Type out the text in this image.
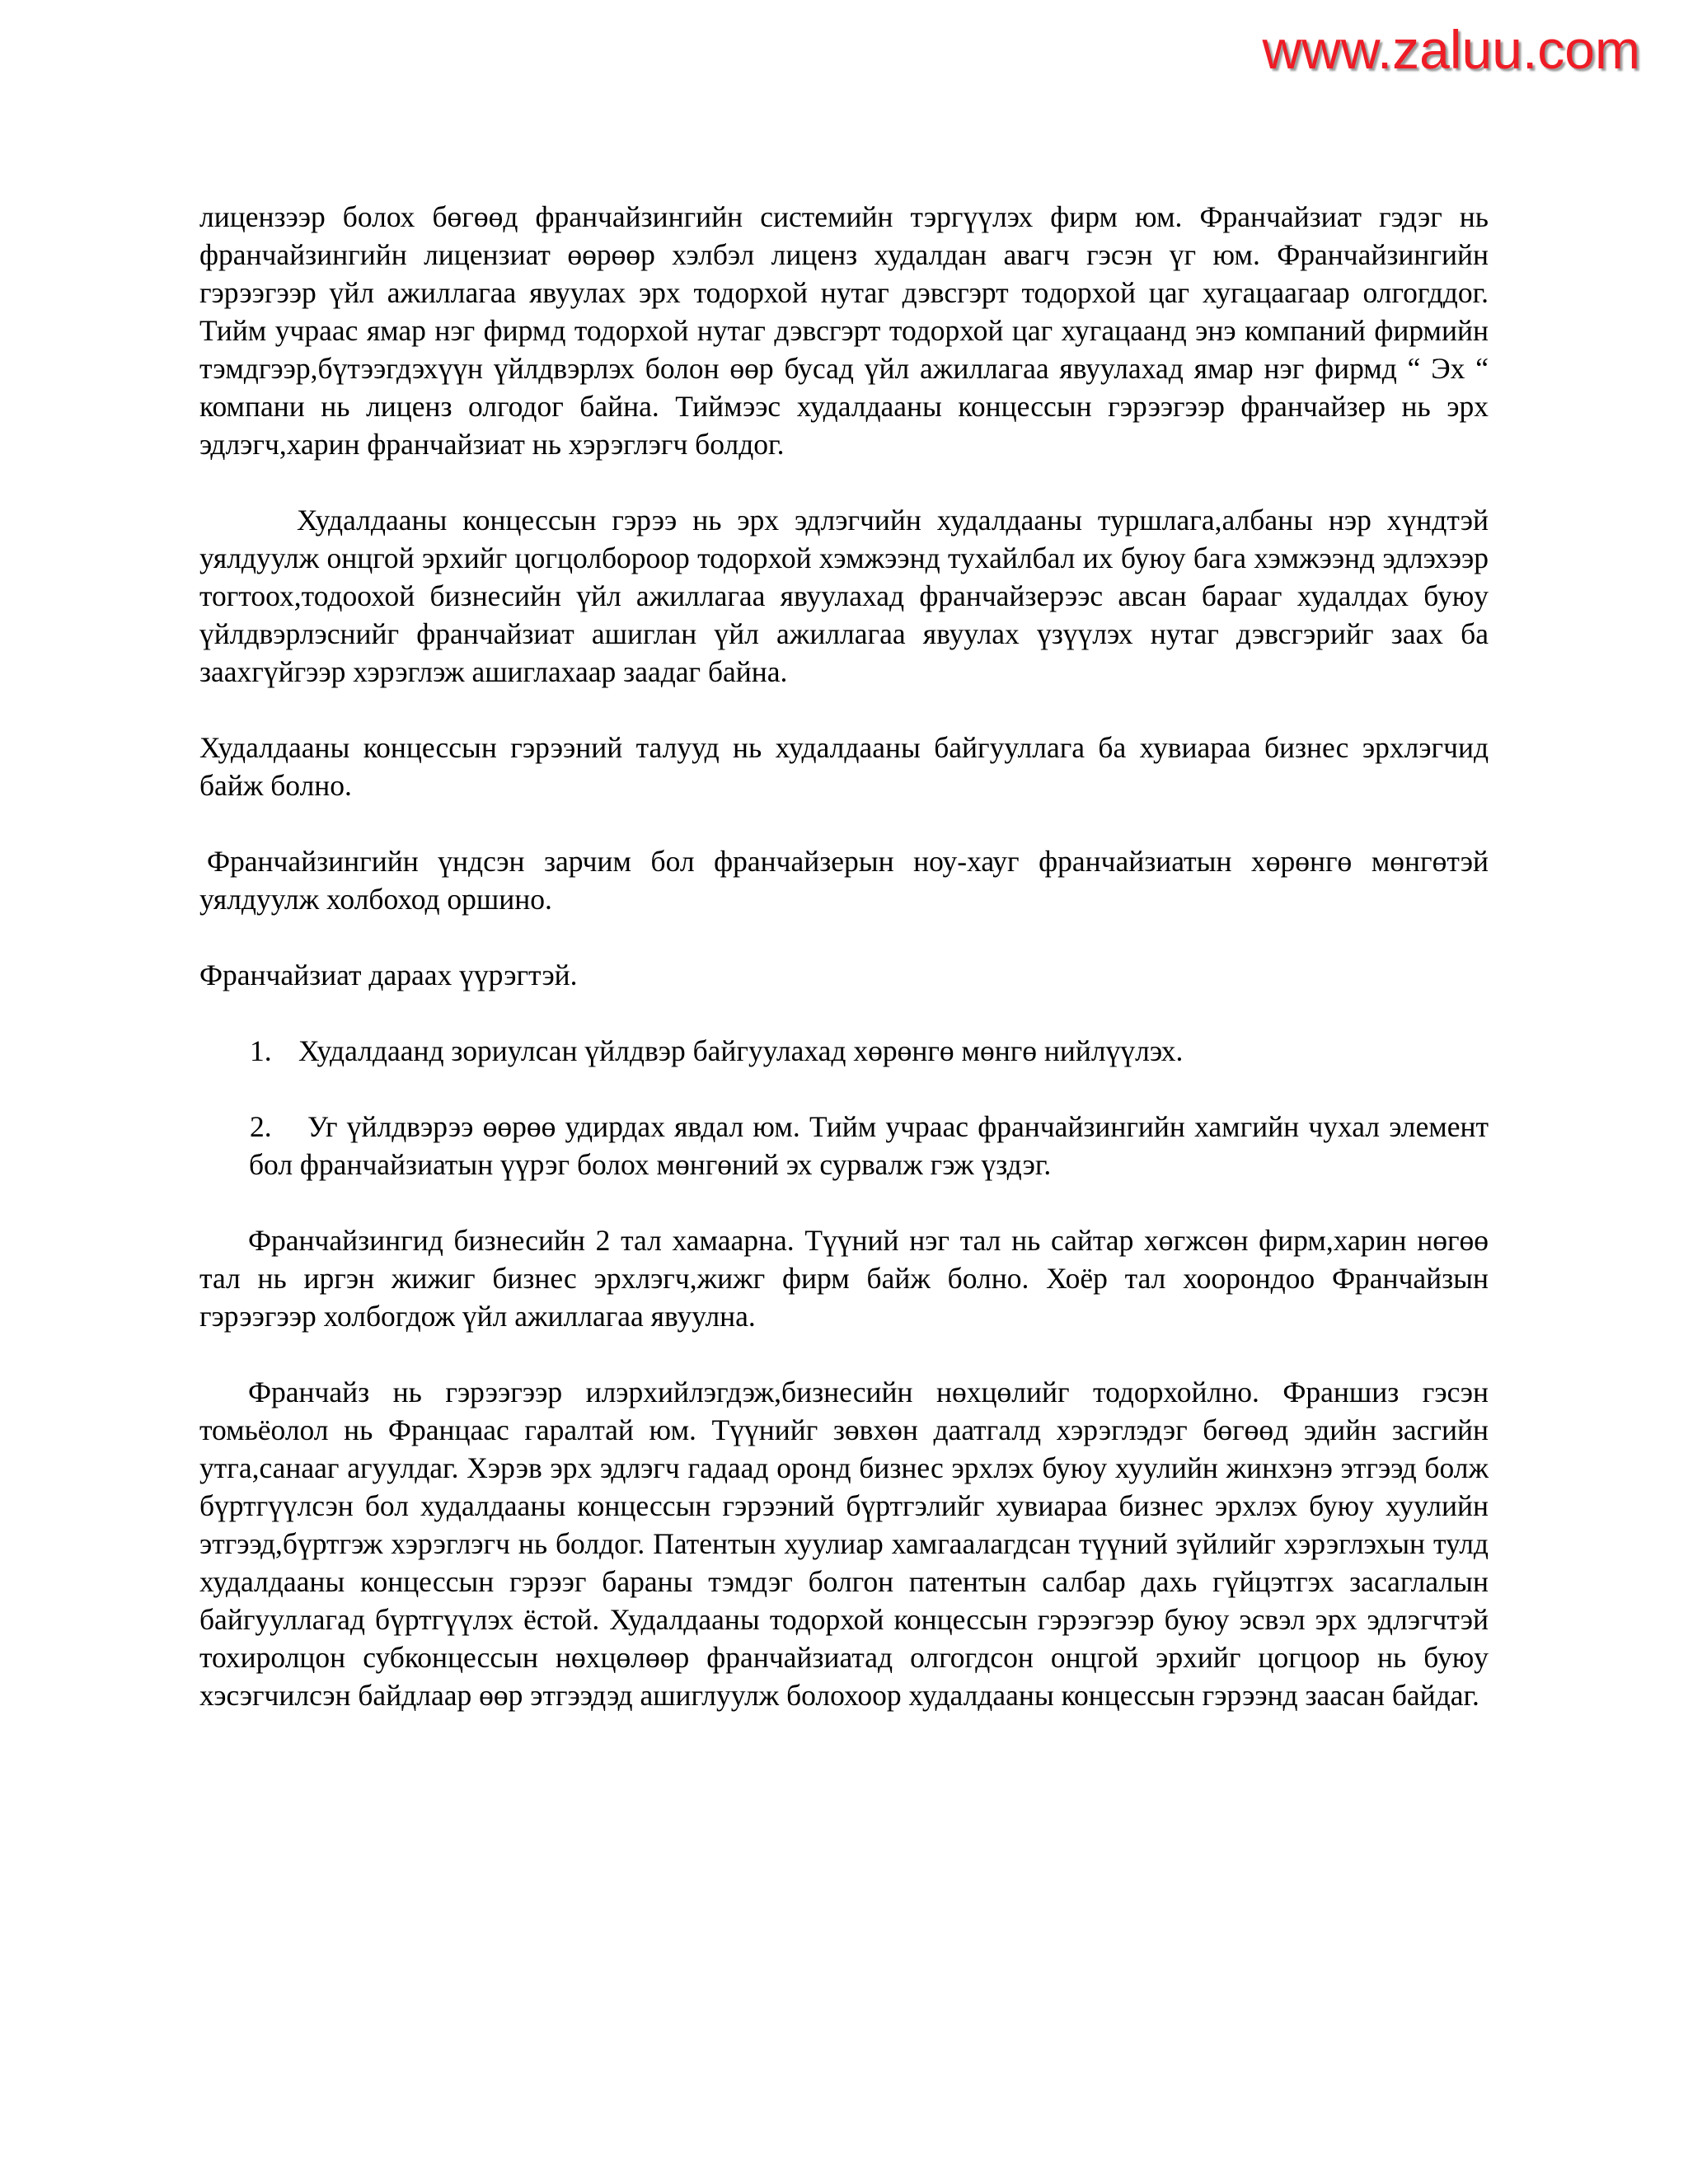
www.zaluu.com

лицензээр болох бөгөөд франчайзингийн системийн тэргүүлэх фирм юм. Франчайзиат гэдэг нь франчайзингийн лицензиат өөрөөр хэлбэл лиценз худалдан авагч гэсэн үг юм. Франчайзингийн гэрээгээр үйл ажиллагаа явуулах эрх тодорхой нутаг дэвсгэрт тодорхой цаг хугацаагаар олгогддог. Тийм учраас ямар нэг фирмд тодорхой нутаг дэвсгэрт тодорхой цаг хугацаанд энэ компаний фирмийн тэмдгээр,бүтээгдэхүүн үйлдвэрлэх болон өөр бусад үйл ажиллагаа явуулахад ямар нэг фирмд “ Эх “ компани нь лиценз олгодог байна. Тиймээс худалдааны концессын гэрээгээр франчайзер нь эрх эдлэгч,харин франчайзиат нь хэрэглэгч болдог.

Худалдааны концессын гэрээ нь эрх эдлэгчийн худалдааны туршлага,албаны нэр хүндтэй уялдуулж онцгой эрхийг цогцолбороор тодорхой хэмжээнд тухайлбал их буюу бага хэмжээнд эдлэхээр тогтоох,тодоохой бизнесийн үйл ажиллагаа явуулахад франчайзерээс авсан барааг худалдах буюу үйлдвэрлэснийг франчайзиат ашиглан үйл ажиллагаа явуулах үзүүлэх нутаг дэвсгэрийг заах ба заахгүйгээр хэрэглэж ашиглахаар заадаг байна.

Худалдааны концессын гэрээний талууд нь худалдааны байгууллага ба хувиараа бизнес эрхлэгчид байж болно.

Франчайзингийн үндсэн зарчим бол франчайзерын ноу-хауг франчайзиатын хөрөнгө мөнгөтэй уялдуулж холбоход оршино.

Франчайзиат дараах үүрэгтэй.

1. Худалдаанд зориулсан үйлдвэр байгуулахад хөрөнгө мөнгө нийлүүлэх.
2.	Уг үйлдвэрээ өөрөө удирдах явдал юм. Тийм учраас франчайзингийн хамгийн чухал элемент бол франчайзиатын үүрэг болох мөнгөний эх сурвалж гэж үздэг.

Франчайзингид бизнесийн 2 тал хамаарна. Түүний нэг тал нь сайтар хөгжсөн фирм,харин нөгөө тал нь иргэн жижиг бизнес эрхлэгч,жижг фирм байж болно. Хоёр тал хоорондоо Франчайзын гэрээгээр холбогдож үйл ажиллагаа явуулна.

Франчайз нь гэрээгээр илэрхийлэгдэж,бизнесийн нөхцөлийг тодорхойлно. Франшиз гэсэн томьёолол нь Францаас гаралтай юм. Түүнийг зөвхөн даатгалд хэрэглэдэг бөгөөд эдийн засгийн утга,санааг агуулдаг. Хэрэв эрх эдлэгч гадаад оронд бизнес эрхлэх буюу хуулийн жинхэнэ этгээд болж бүртгүүлсэн бол худалдааны концессын гэрээний бүртгэлийг хувиараа бизнес эрхлэх буюу хуулийн этгээд,бүртгэж хэрэглэгч нь болдог. Патентын хуулиар хамгаалагдсан түүний зүйлийг хэрэглэхын тулд худалдааны концессын гэрээг бараны тэмдэг болгон патентын салбар дахь гүйцэтгэх засаглалын байгууллагад бүртгүүлэх ёстой. Худалдааны тодорхой концессын гэрээгээр буюу эсвэл эрх эдлэгчтэй тохиролцон субконцессын нөхцөлөөр франчайзиатад олгогдсон онцгой эрхийг цогцоор нь буюу хэсэгчилсэн байдлаар өөр этгээдэд ашиглуулж болохоор худалдааны концессын гэрээнд заасан байдаг.
